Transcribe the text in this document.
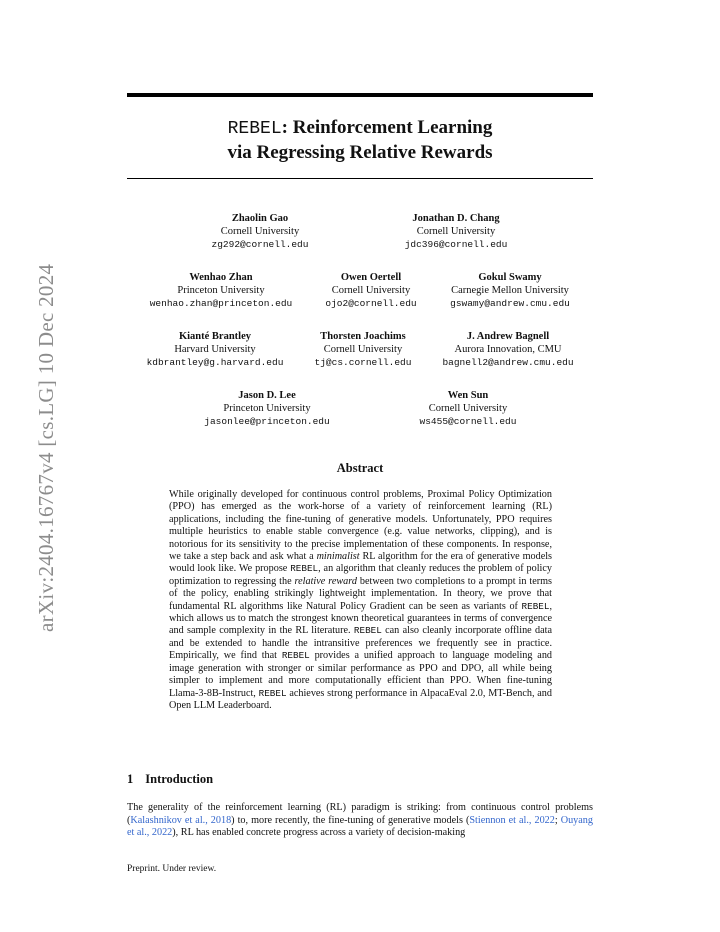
REBEL: Reinforcement Learning
via Regressing Relative Rewards
arXiv:2404.16767v4 [cs.LG] 10 Dec 2024
Zhaolin Gao
Cornell University
zg292@cornell.edu
Jonathan D. Chang
Cornell University
jdc396@cornell.edu
Wenhao Zhan
Princeton University
wenhao.zhan@princeton.edu
Owen Oertell
Cornell University
ojo2@cornell.edu
Gokul Swamy
Carnegie Mellon University
gswamy@andrew.cmu.edu
Kianté Brantley
Harvard University
kdbrantley@g.harvard.edu
Thorsten Joachims
Cornell University
tj@cs.cornell.edu
J. Andrew Bagnell
Aurora Innovation, CMU
bagnell2@andrew.cmu.edu
Jason D. Lee
Princeton University
jasonlee@princeton.edu
Wen Sun
Cornell University
ws455@cornell.edu
Abstract

While originally developed for continuous control problems, Proximal Policy Optimization (PPO) has emerged as the work-horse of a variety of reinforcement learning (RL) applications, including the fine-tuning of generative models. Unfortunately, PPO requires multiple heuristics to enable stable convergence (e.g. value networks, clipping), and is notorious for its sensitivity to the precise implementation of these components. In response, we take a step back and ask what a minimalist RL algorithm for the era of generative models would look like. We propose REBEL, an algorithm that cleanly reduces the problem of policy optimization to regressing the relative reward between two completions to a prompt in terms of the policy, enabling strikingly lightweight implementation. In theory, we prove that fundamental RL algorithms like Natural Policy Gradient can be seen as variants of REBEL, which allows us to match the strongest known theoretical guarantees in terms of convergence and sample complexity in the RL literature. REBEL can also cleanly incorporate offline data and be extended to handle the intransitive preferences we frequently see in practice. Empirically, we find that REBEL provides a unified approach to language modeling and image generation with stronger or similar performance as PPO and DPO, all while being simpler to implement and more computationally efficient than PPO. When fine-tuning Llama-3-8B-Instruct, REBEL achieves strong performance in AlpacaEval 2.0, MT-Bench, and Open LLM Leaderboard.

1 Introduction

The generality of the reinforcement learning (RL) paradigm is striking: from continuous control problems (Kalashnikov et al., 2018) to, more recently, the fine-tuning of generative models (Stiennon et al., 2022; Ouyang et al., 2022), RL has enabled concrete progress across a variety of decision-making

Preprint. Under review.
